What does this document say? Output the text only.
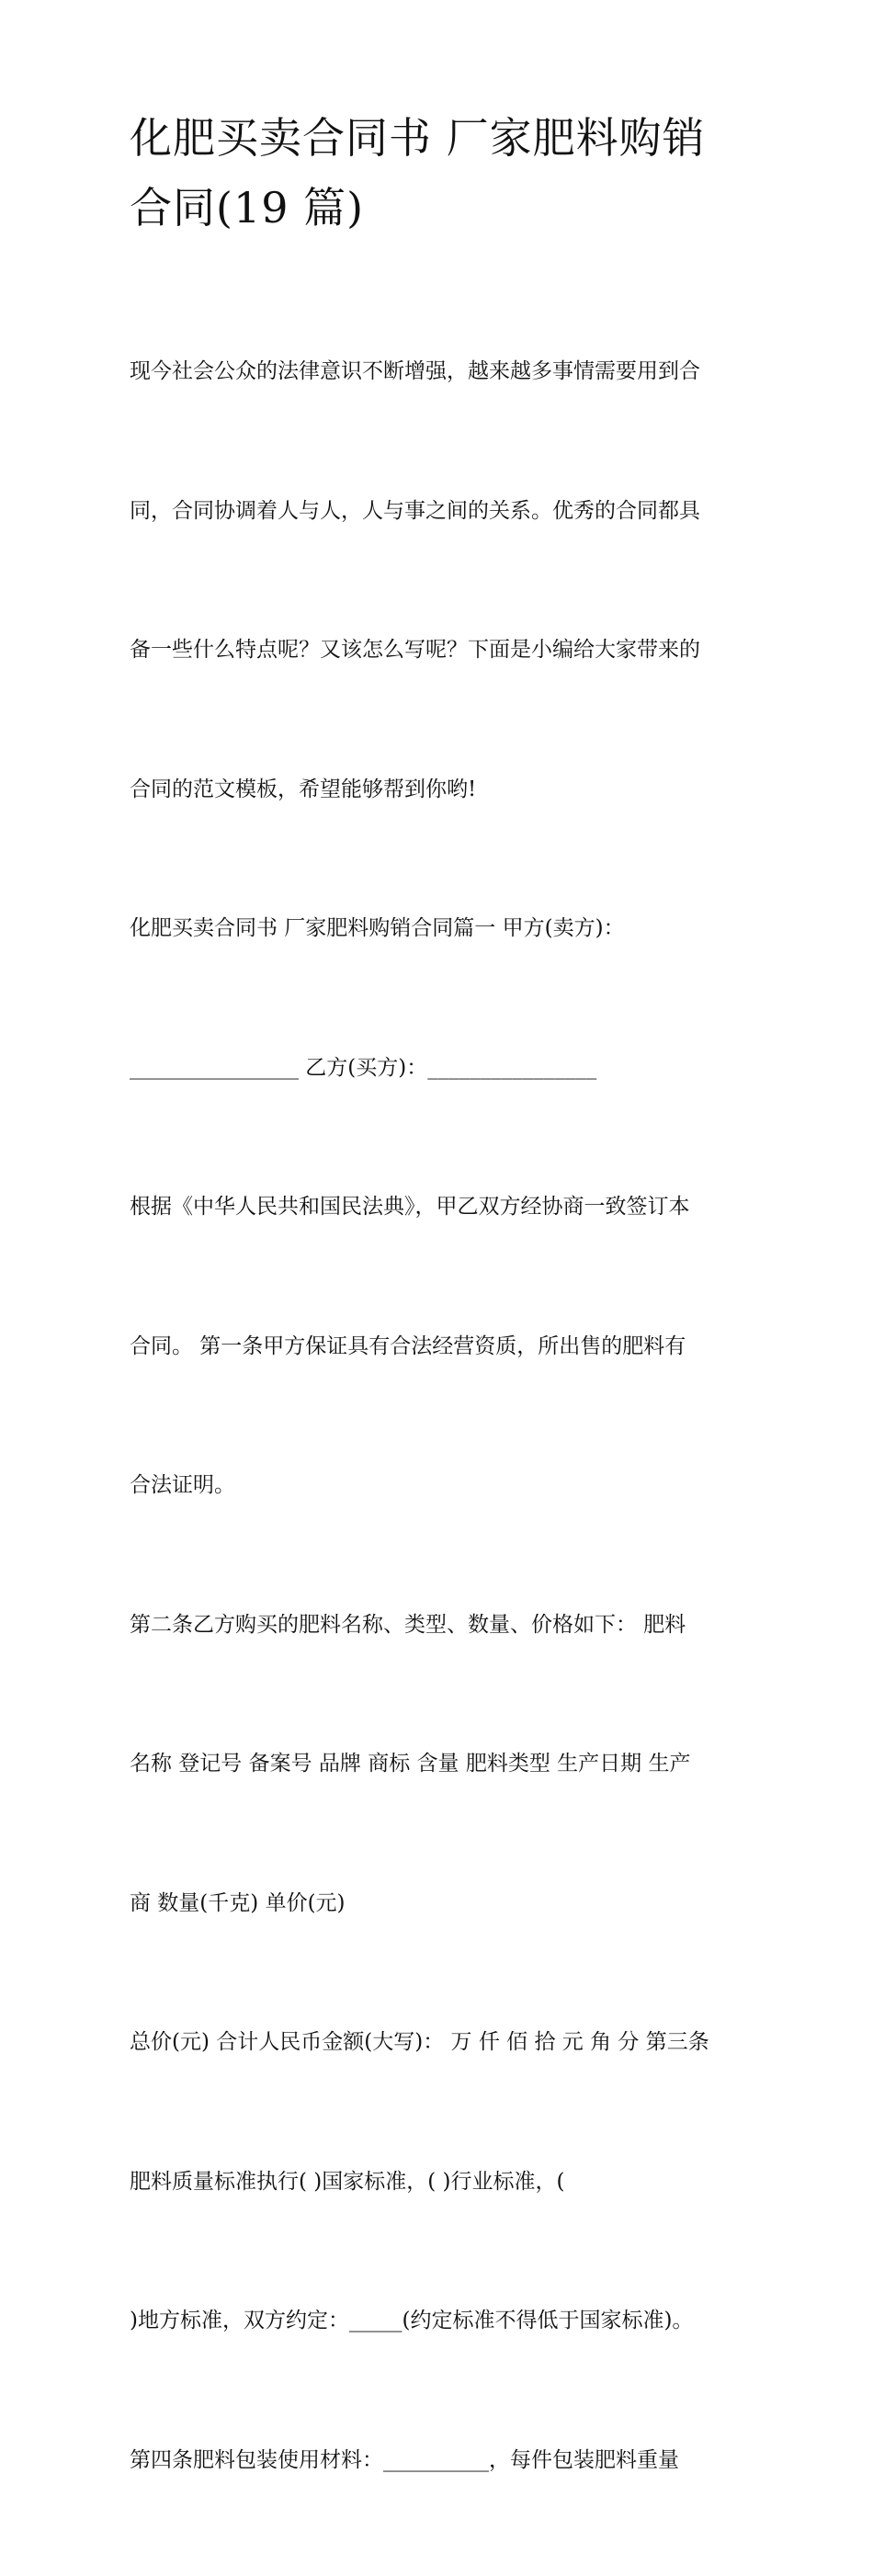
化肥买卖合同书 厂家肥料购销
合同(19 篇)

现今社会公众的法律意识不断增强，越来越多事情需要用到合

同，合同协调着人与人，人与事之间的关系。优秀的合同都具

备一些什么特点呢？又该怎么写呢？下面是小编给大家带来的

合同的范文模板，希望能够帮到你哟!

化肥买卖合同书 厂家肥料购销合同篇一 甲方(卖方)：

________________ 乙方(买方)：________________

根据《中华人民共和国民法典》，甲乙双方经协商一致签订本

合同。 第一条甲方保证具有合法经营资质，所出售的肥料有

合法证明。

第二条乙方购买的肥料名称、类型、数量、价格如下： 肥料

名称 登记号 备案号 品牌 商标 含量 肥料类型 生产日期 生产

商 数量(千克) 单价(元)

总价(元) 合计人民币金额(大写)： 万 仟 佰 拾 元 角 分 第三条

肥料质量标准执行( )国家标准，( )行业标准，(

)地方标准，双方约定：_____(约定标准不得低于国家标准)。

第四条肥料包装使用材料：__________，每件包装肥料重量
